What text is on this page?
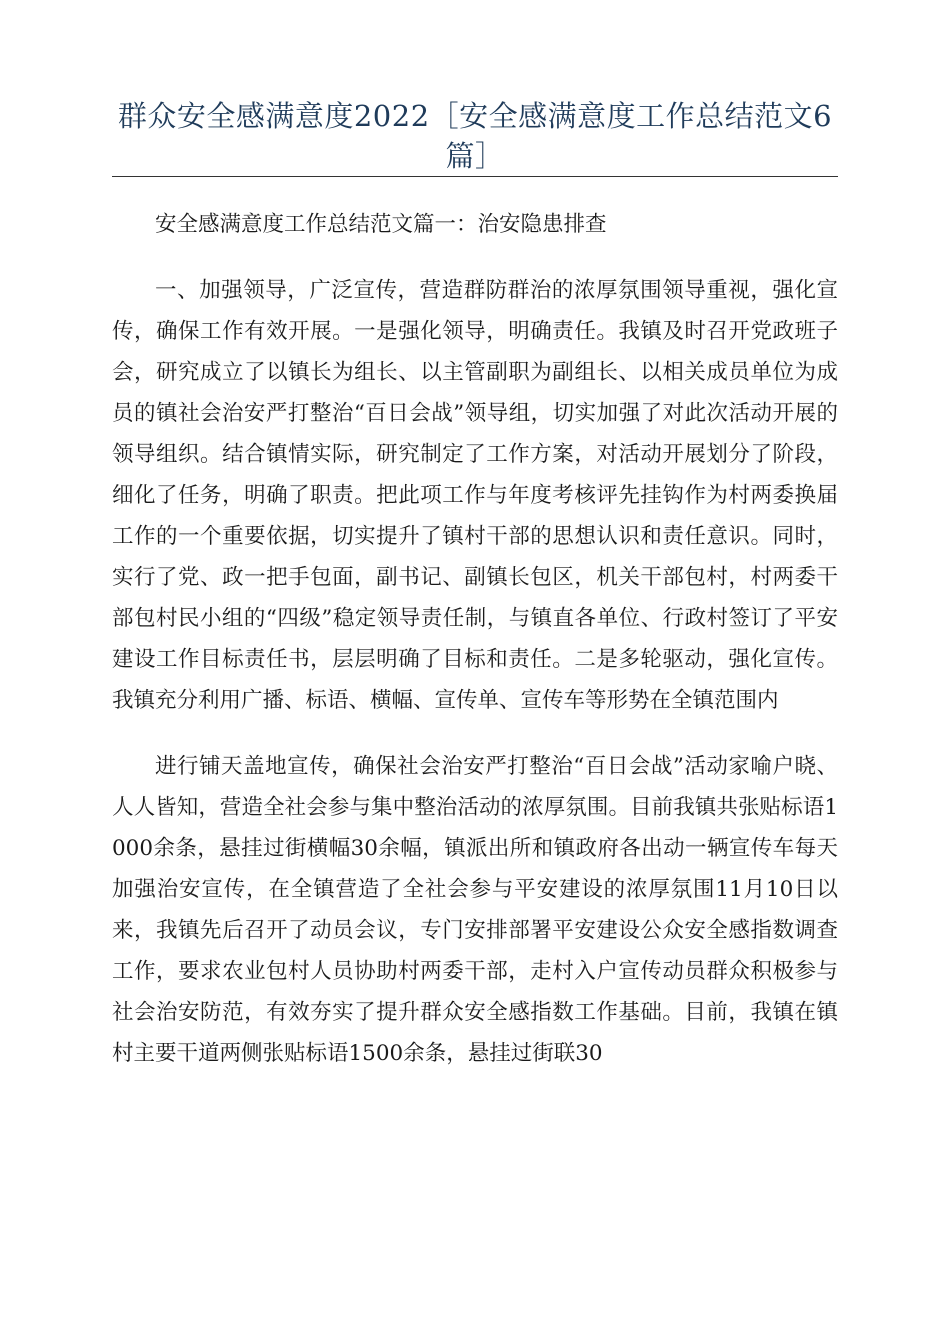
群众安全感满意度2022［安全感满意度工作总结范文6篇］

安全感满意度工作总结范文篇一：治安隐患排查

一、加强领导，广泛宣传，营造群防群治的浓厚氛围领导重视，强化宣传，确保工作有效开展。一是强化领导，明确责任。我镇及时召开党政班子会，研究成立了以镇长为组长、以主管副职为副组长、以相关成员单位为成员的镇社会治安严打整治“百日会战”领导组，切实加强了对此次活动开展的领导组织。结合镇情实际，研究制定了工作方案，对活动开展划分了阶段，细化了任务，明确了职责。把此项工作与年度考核评先挂钩作为村两委换届工作的一个重要依据，切实提升了镇村干部的思想认识和责任意识。同时，实行了党、政一把手包面，副书记、副镇长包区，机关干部包村，村两委干部包村民小组的“四级”稳定领导责任制，与镇直各单位、行政村签订了平安建设工作目标责任书，层层明确了目标和责任。二是多轮驱动，强化宣传。我镇充分利用广播、标语、横幅、宣传单、宣传车等形势在全镇范围内

进行铺天盖地宣传，确保社会治安严打整治“百日会战”活动家喻户晓、人人皆知，营造全社会参与集中整治活动的浓厚氛围。目前我镇共张贴标语1000余条，悬挂过街横幅30余幅，镇派出所和镇政府各出动一辆宣传车每天加强治安宣传，在全镇营造了全社会参与平安建设的浓厚氛围11月10日以来，我镇先后召开了动员会议，专门安排部署平安建设公众安全感指数调查工作，要求农业包村人员协助村两委干部，走村入户宣传动员群众积极参与社会治安防范，有效夯实了提升群众安全感指数工作基础。目前，我镇在镇村主要干道两侧张贴标语1500余条，悬挂过街联30
